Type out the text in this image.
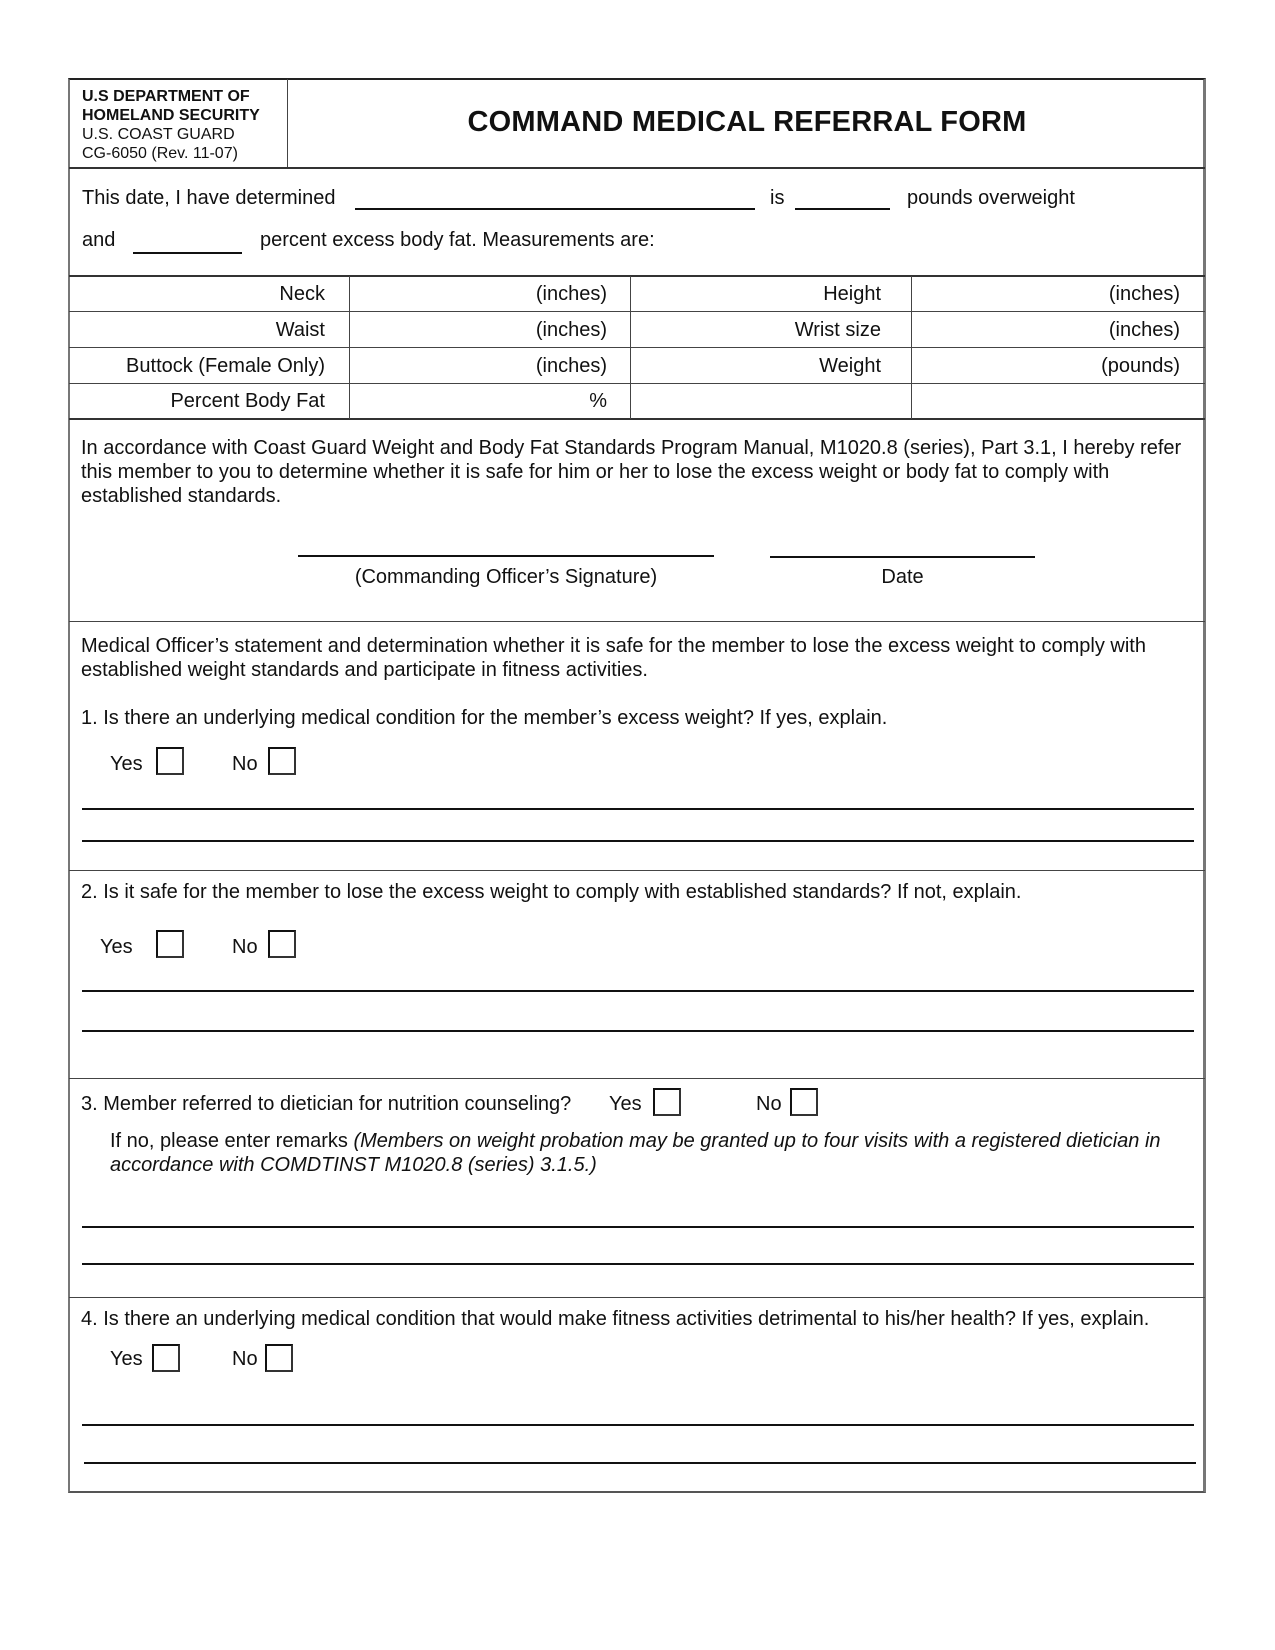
U.S DEPARTMENT OF
HOMELAND SECURITY
U.S. COAST GUARD
CG-6050 (Rev. 11-07)
COMMAND MEDICAL REFERRAL FORM
This date, I have determined	is	pounds overweight
and	percent excess body fat. Measurements are:
Neck	(inches)	Height	(inches)
Waist	(inches)	Wrist size	(inches)
Buttock (Female Only)	(inches)	Weight	(pounds)
Percent Body Fat	%
In accordance with Coast Guard Weight and Body Fat Standards Program Manual, M1020.8 (series), Part 3.1, I hereby refer this member to you to determine whether it is safe for him or her to lose the excess weight or body fat to comply with established standards.
(Commanding Officer’s Signature)	Date
Medical Officer’s statement and determination whether it is safe for the member to lose the excess weight to comply with established weight standards and participate in fitness activities.
1. Is there an underlying medical condition for the member’s excess weight? If yes, explain.
Yes	No
2. Is it safe for the member to lose the excess weight to comply with established standards? If not, explain.
Yes	No
3. Member referred to dietician for nutrition counseling? Yes	No
If no, please enter remarks (Members on weight probation may be granted up to four visits with a registered dietician in accordance with COMDTINST M1020.8 (series) 3.1.5.)
4. Is there an underlying medical condition that would make fitness activities detrimental to his/her health? If yes, explain.
Yes	No
